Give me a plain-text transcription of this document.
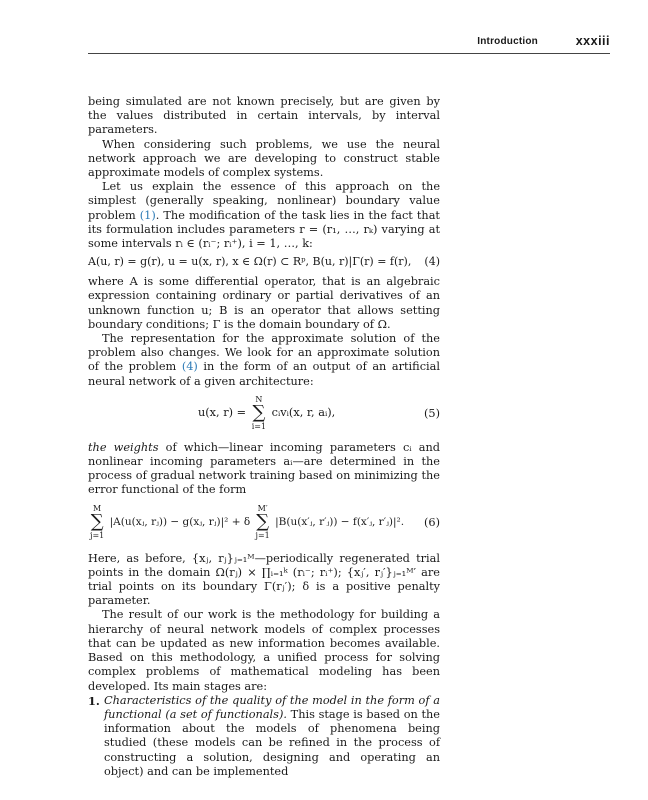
Introduction	xxxiii

being simulated are not known precisely, but are given by the values distributed in certain intervals, by interval parameters.

When considering such problems, we use the neural network approach we are developing to construct stable approximate models of complex systems.

Let us explain the essence of this approach on the simplest (generally speaking, nonlinear) boundary value problem (1). The modification of the task lies in the fact that its formulation includes parameters r = (r₁, …, rₖ) varying at some intervals rᵢ ∈ (rᵢ⁻; rᵢ⁺), i = 1, …, k:

A(u, r) = g(r), u = u(x, r), x ∈ Ω(r) ⊂ Rᵖ, B(u, r)|Γ(r) = f(r), (4)

where A is some differential operator, that is an algebraic expression containing ordinary or partial derivatives of an unknown function u; B is an operator that allows setting boundary conditions; Γ is the domain boundary of Ω.

The representation for the approximate solution of the problem also changes. We look for an approximate solution of the problem (4) in the form of an output of an artificial neural network of a given architecture:

u(x, r) = N
∑
i=1 cᵢvᵢ(x, r, aᵢ),	(5)

the weights of which—linear incoming parameters cᵢ and nonlinear incoming parameters aᵢ—are determined in the process of gradual network training based on minimizing the error functional of the form

M
∑
j=1 |A(u(xⱼ, rⱼ)) − g(xⱼ, rⱼ)|² + δ M′
∑
j=1 |B(u(x′ⱼ, r′ⱼ)) − f(x′ⱼ, r′ⱼ)|². (6)

Here, as before, {xⱼ, rⱼ}ⱼ₌₁ᴹ—periodically regenerated trial points in the domain Ω(rⱼ) × ∏ᵢ₌₁ᵏ (rᵢ⁻; rᵢ⁺); {xⱼ′, rⱼ′}ⱼ₌₁ᴹ′ are trial points on its boundary Γ(rⱼ′); δ is a positive penalty parameter.

The result of our work is the methodology for building a hierarchy of neural network models of complex processes that can be updated as new information becomes available. Based on this methodology, a unified process for solving complex problems of mathematical modeling has been developed. Its main stages are:

1. Characteristics of the quality of the model in the form of a functional (a set of functionals). This stage is based on the information about the models of phenomena being studied (these models can be refined in the process of constructing a solution, designing and operating an object) and can be implemented
